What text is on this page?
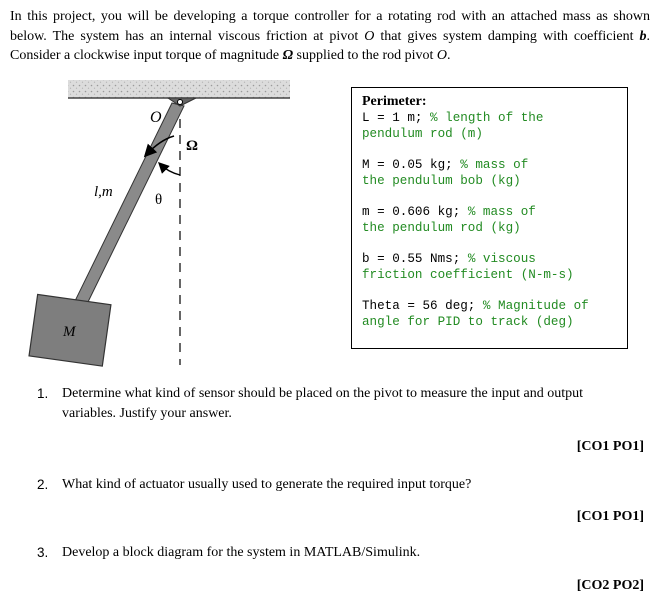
In this project, you will be developing a torque controller for a rotating rod with an attached mass as shown below. The system has an internal viscous friction at pivot O that gives system damping with coefficient b. Consider a clockwise input torque of magnitude Ω supplied to the rod pivot O.
O
Ω
l,m	θ
M
Perimeter:
L = 1 m; % length of the
pendulum rod (m)
M = 0.05 kg; % mass of
the pendulum bob (kg)
m = 0.606 kg; % mass of
the pendulum rod (kg)
b = 0.55 Nms; % viscous
friction coefficient (N-m-s)
Theta = 56 deg; % Magnitude of
angle for PID to track (deg)
1. Determine what kind of sensor should be placed on the pivot to measure the input and output
variables. Justify your answer.
[CO1 PO1]
2. What kind of actuator usually used to generate the required input torque?
[CO1 PO1]
3. Develop a block diagram for the system in MATLAB/Simulink.
[CO2 PO2]
